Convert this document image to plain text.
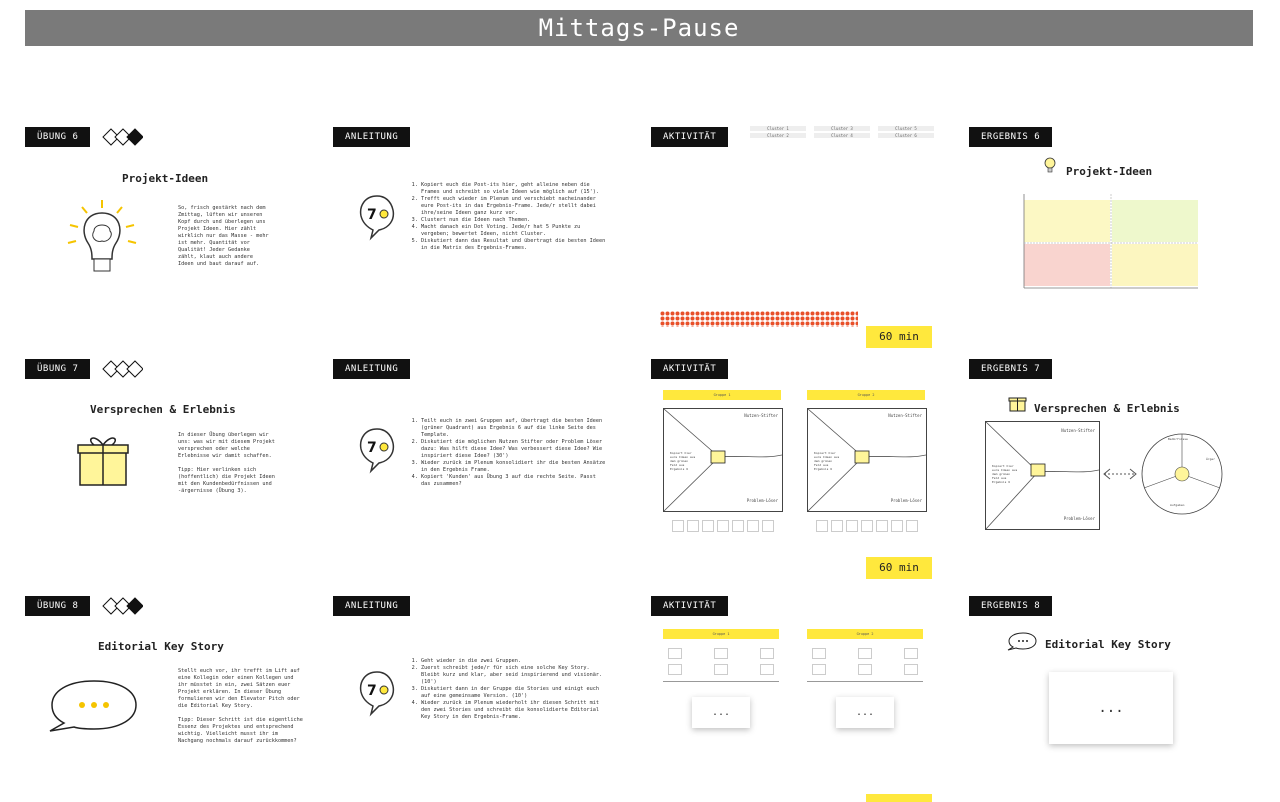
Mittags-Pause
ÜBUNG 6
Projekt-Ideen
So, frisch gestärkt nach dem
Zmittag, lüften wir unseren
Kopf durch und überlegen uns
Projekt Ideen. Hier zählt
wirklich nur das Masse - mehr
ist mehr. Quantität vor
Qualität! Jeder Gedanke
zählt, klaut auch andere
Ideen und baut darauf auf.
ANLEITUNG
7
1. Kopiert euch die Post-its hier, geht alleine neben die Frames und schreibt so viele Ideen wie möglich auf (15').
2. Trefft euch wieder im Plenum und verschiebt nacheinander eure Post-its in das Ergebnis-Frame. Jede/r stellt dabei ihre/seine Ideen ganz kurz vor.
3. Clustert nun die Ideen nach Themen.
4. Macht danach ein Dot Voting. Jede/r hat 5 Punkte zu vergeben; bewertet Ideen, nicht Cluster.
5. Diskutiert dann das Resultat und übertragt die besten Ideen in die Matrix des Ergebnis-Frames.
AKTIVITÄT
Cluster 1
Cluster 2
Cluster 3
Cluster 4
Cluster 5
Cluster 6
60 min
ERGEBNIS 6
Projekt-Ideen
ÜBUNG 7
Versprechen & Erlebnis
In dieser Übung überlegen wir
uns: was wir mit diesem Projekt
versprechen oder welche
Erlebnisse wir damit schaffen.

Tipp: Hier verlinken sich
(hoffentlich) die Projekt Ideen
mit den Kundenbedürfnissen und
-ärgernisse (Übung 3).
ANLEITUNG
7
1. Teilt euch in zwei Gruppen auf, übertragt die besten Ideen (grüner Quadrant) aus Ergebnis 6 auf die linke Seite des Template.
2. Diskutiert die möglichen Nutzen Stifter oder Problem Löser dazu: Was hilft diese Idee? Was verbessert diese Idee? Wie inspiriert diese Idee? (30')
3. Wieder zurück im Plenum konsolidiert ihr die besten Ansätze in den Ergebnis Frame.
4. Kopiert 'Kunden' aus Übung 3 auf die rechte Seite. Passt das zusammen?
AKTIVITÄT
Gruppe 1
Nutzen-Stifter
Problem-Löser
Kopiert hier
eure Ideen aus
dem grünen
Feld aus
Ergebnis 6
Gruppe 2
Nutzen-Stifter
Problem-Löser
Kopiert hier
eure Ideen aus
dem grünen
Feld aus
Ergebnis 6
60 min
ERGEBNIS 7
Versprechen & Erlebnis
Nutzen-Stifter
Problem-Löser
Kopiert hier
eure Ideen aus
dem grünen
Feld aus
Ergebnis 6
Bedürfnisse
Ärger
Aufgaben
ÜBUNG 8
Editorial Key Story
Stellt euch vor, ihr trefft im Lift auf
eine Kollegin oder einen Kollegen und
ihr müsstet in ein, zwei Sätzen euer
Projekt erklären. In dieser Übung
formulieren wir den Elevator Pitch oder
die Editorial Key Story.

Tipp: Dieser Schritt ist die eigentliche
Essenz des Projektes und entsprechend
wichtig. Vielleicht musst ihr im
Nachgang nochmals darauf zurückkommen?
ANLEITUNG
7
1. Geht wieder in die zwei Gruppen.
2. Zuerst schreibt jede/r für sich eine solche Key Story. Bleibt kurz und klar, aber seid inspirierend und visionär. (10')
3. Diskutiert dann in der Gruppe die Stories und einigt euch auf eine gemeinsame Version. (10')
4. Wieder zurück im Plenum wiederholt ihr diesen Schritt mit den zwei Stories und schreibt die konsolidierte Editorial Key Story in den Ergebnis-Frame.
AKTIVITÄT
Gruppe 1	Gruppe 2
...	...
ERGEBNIS 8
Editorial Key Story
...
